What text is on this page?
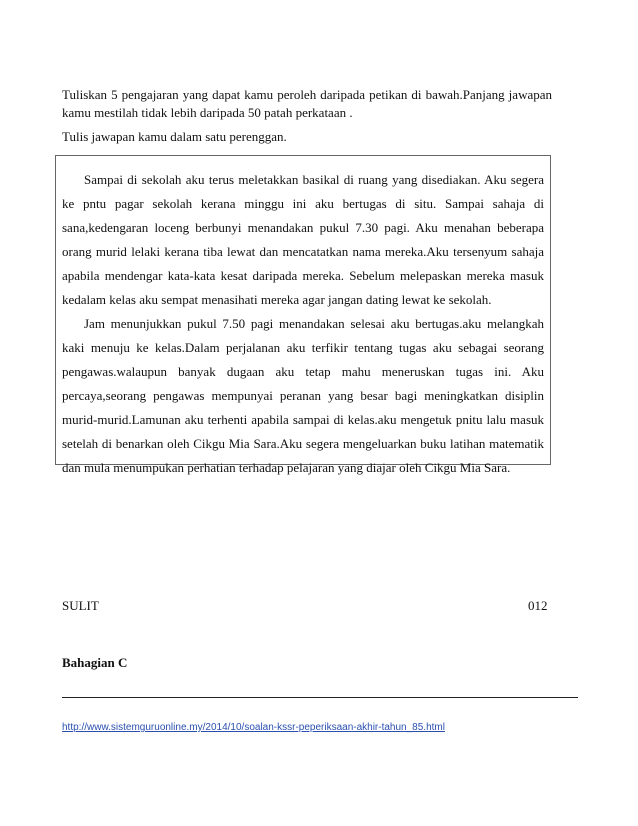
Tuliskan 5 pengajaran yang dapat kamu peroleh daripada petikan di bawah.Panjang jawapan kamu mestilah tidak lebih daripada 50 patah perkataan .
Tulis jawapan kamu dalam satu perenggan.

Sampai di sekolah aku terus meletakkan basikal di ruang yang disediakan. Aku segera ke pntu pagar sekolah kerana minggu ini aku bertugas di situ. Sampai sahaja di sana,kedengaran loceng berbunyi menandakan pukul 7.30 pagi. Aku menahan beberapa orang murid lelaki kerana tiba lewat dan mencatatkan nama mereka.Aku tersenyum sahaja apabila mendengar kata-kata kesat daripada mereka. Sebelum melepaskan mereka masuk kedalam kelas aku sempat menasihati mereka agar jangan dating lewat ke sekolah.

Jam menunjukkan pukul 7.50 pagi menandakan selesai aku bertugas.aku melangkah kaki menuju ke kelas.Dalam perjalanan aku terfikir tentang tugas aku sebagai seorang pengawas.walaupun banyak dugaan aku tetap mahu meneruskan tugas ini. Aku percaya,seorang pengawas mempunyai peranan yang besar bagi meningkatkan disiplin murid-murid.Lamunan aku terhenti apabila sampai di kelas.aku mengetuk pnitu lalu masuk setelah di benarkan oleh Cikgu Mia Sara.Aku segera mengeluarkan buku latihan matematik dan mula menumpukan perhatian terhadap pelajaran yang diajar oleh Cikgu Mia Sara.

SULIT	012
Bahagian C
http://www.sistemguruonline.my/2014/10/soalan-kssr-peperiksaan-akhir-tahun_85.html
